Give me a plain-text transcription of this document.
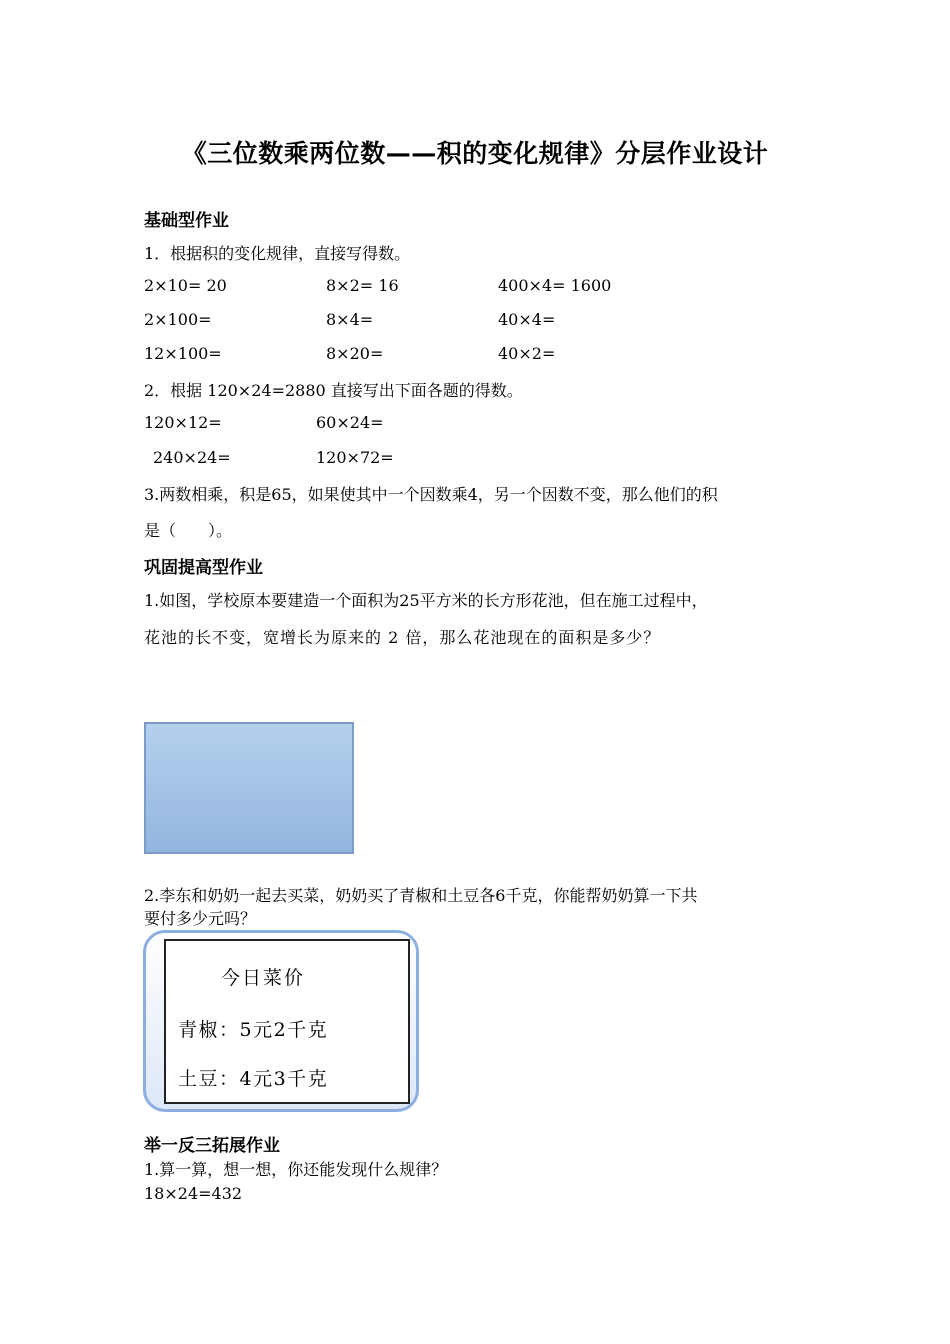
《三位数乘两位数——积的变化规律》分层作业设计
基础型作业
1．根据积的变化规律，直接写得数。
2×10= 20	8×2= 16	400×4= 1600
2×100=	8×4=	40×4=
12×100=	8×20=	40×2=
2．根据 120×24=2880 直接写出下面各题的得数。
120×12=	60×24=
240×24=	120×72=
3.两数相乘，积是65，如果使其中一个因数乘4，另一个因数不变，那么他们的积
是（　　）。
巩固提高型作业
1.如图，学校原本要建造一个面积为25平方米的长方形花池，但在施工过程中，
花池的长不变，宽增长为原来的 2 倍，那么花池现在的面积是多少？
2.李东和奶奶一起去买菜，奶奶买了青椒和土豆各6千克，你能帮奶奶算一下共
要付多少元吗？
今日菜价
青椒：5元2千克
土豆：4元3千克
举一反三拓展作业
1.算一算，想一想，你还能发现什么规律？
18×24=432
